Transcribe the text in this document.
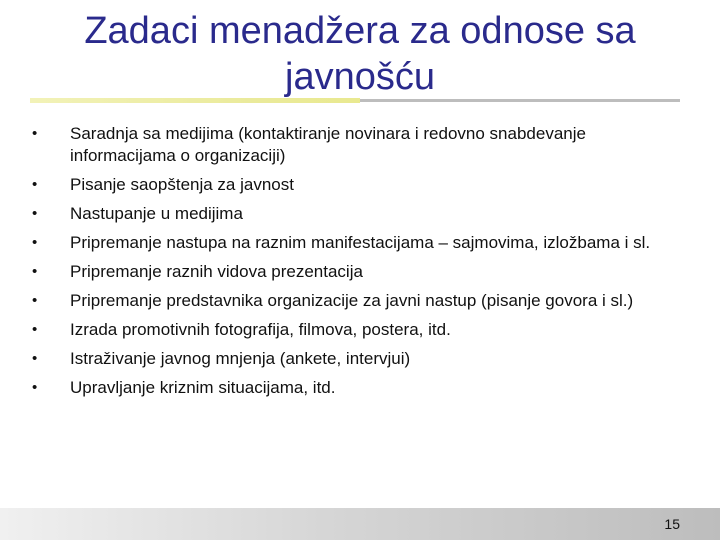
Zadaci menadžera za odnose sa javnošću
•	Saradnja sa medijima (kontaktiranje novinara i redovno snabdevanje informacijama o organizaciji)
•	Pisanje saopštenja za javnost
•	Nastupanje u medijima
•	Pripremanje nastupa na raznim manifestacijama – sajmovima, izložbama i sl.
•	Pripremanje raznih vidova prezentacija
•	Pripremanje predstavnika organizacije za javni nastup (pisanje govora i sl.)
•	Izrada promotivnih fotografija, filmova, postera, itd.
•	Istraživanje javnog mnjenja (ankete, intervjui)
•	Upravljanje kriznim situacijama, itd.
15
